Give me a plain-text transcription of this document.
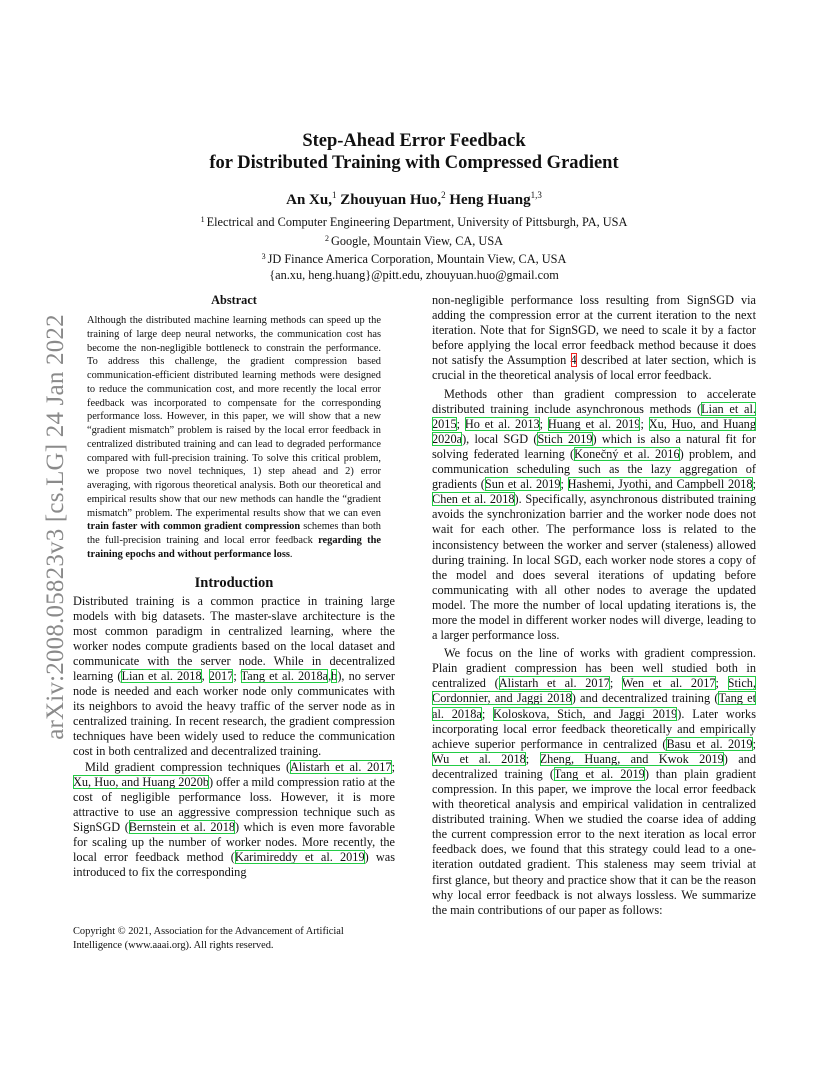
arXiv:2008.05823v3 [cs.LG] 24 Jan 2022
Step-Ahead Error Feedback
for Distributed Training with Compressed Gradient
An Xu,$^1$ Zhouyuan Huo,$^2$ Heng Huang$^{1,3}$
$^1$ Electrical and Computer Engineering Department, University of Pittsburgh, PA, USA
$^2$ Google, Mountain View, CA, USA
$^3$ JD Finance America Corporation, Mountain View, CA, USA
{an.xu, heng.huang}@pitt.edu, zhouyuan.huo@gmail.com
Abstract

Although the distributed machine learning methods can speed up the training of large deep neural networks, the communication cost has become the non-negligible bottleneck to constrain the performance. To address this challenge, the gradient compression based communication-efficient distributed learning methods were designed to reduce the communication cost, and more recently the local error feedback was incorporated to compensate for the corresponding performance loss. However, in this paper, we will show that a new “gradient mismatch” problem is raised by the local error feedback in centralized distributed training and can lead to degraded performance compared with full-precision training. To solve this critical problem, we propose two novel techniques, 1) step ahead and 2) error averaging, with rigorous theoretical analysis. Both our theoretical and empirical results show that our new methods can handle the “gradient mismatch” problem. The experimental results show that we can even train faster with common gradient compression schemes than both the full-precision training and local error feedback regarding the training epochs and without performance loss.

Introduction

Distributed training is a common practice in training large models with big datasets. The master-slave architecture is the most common paradigm in centralized learning, where the worker nodes compute gradients based on the local dataset and communicate with the server node. While in decentralized learning (Lian et al. 2018, 2017; Tang et al. 2018a,b), no server node is needed and each worker node only communicates with its neighbors to avoid the heavy traffic of the server node as in centralized training. In recent research, the gradient compression techniques have been widely used to reduce the communication cost in both centralized and decentralized training.

Mild gradient compression techniques (Alistarh et al. 2017; Xu, Huo, and Huang 2020b) offer a mild compression ratio at the cost of negligible performance loss. However, it is more attractive to use an aggressive compression technique such as SignSGD (Bernstein et al. 2018) which is even more favorable for scaling up the number of worker nodes. More recently, the local error feedback method (Karimireddy et al. 2019) was introduced to fix the corresponding

Copyright © 2021, Association for the Advancement of Artificial Intelligence (www.aaai.org). All rights reserved.

non-negligible performance loss resulting from SignSGD via adding the compression error at the current iteration to the next iteration. Note that for SignSGD, we need to scale it by a factor before applying the local error feedback method because it does not satisfy the Assumption 4 described at later section, which is crucial in the theoretical analysis of local error feedback.

Methods other than gradient compression to accelerate distributed training include asynchronous methods (Lian et al. 2015; Ho et al. 2013; Huang et al. 2019; Xu, Huo, and Huang 2020a), local SGD (Stich 2019) which is also a natural fit for solving federated learning (Konečný et al. 2016) problem, and communication scheduling such as the lazy aggregation of gradients (Sun et al. 2019; Hashemi, Jyothi, and Campbell 2018; Chen et al. 2018). Specifically, asynchronous distributed training avoids the synchronization barrier and the worker node does not wait for each other. The performance loss is related to the inconsistency between the worker and server (staleness) allowed during training. In local SGD, each worker node stores a copy of the model and does several iterations of updating before communicating with all other nodes to average the updated model. The more the number of local updating iterations is, the more the model in different worker nodes will diverge, leading to a larger performance loss.

We focus on the line of works with gradient compression. Plain gradient compression has been well studied both in centralized (Alistarh et al. 2017; Wen et al. 2017; Stich, Cordonnier, and Jaggi 2018) and decentralized training (Tang et al. 2018a; Koloskova, Stich, and Jaggi 2019). Later works incorporating local error feedback theoretically and empirically achieve superior performance in centralized (Basu et al. 2019; Wu et al. 2018; Zheng, Huang, and Kwok 2019) and decentralized training (Tang et al. 2019) than plain gradient compression. In this paper, we improve the local error feedback with theoretical analysis and empirical validation in centralized distributed training. When we studied the coarse idea of adding the current compression error to the next iteration as local error feedback does, we found that this strategy could lead to a one-iteration outdated gradient. This staleness may seem trivial at first glance, but theory and practice show that it can be the reason why local error feedback is not always lossless. We summarize the main contributions of our paper as follows:
